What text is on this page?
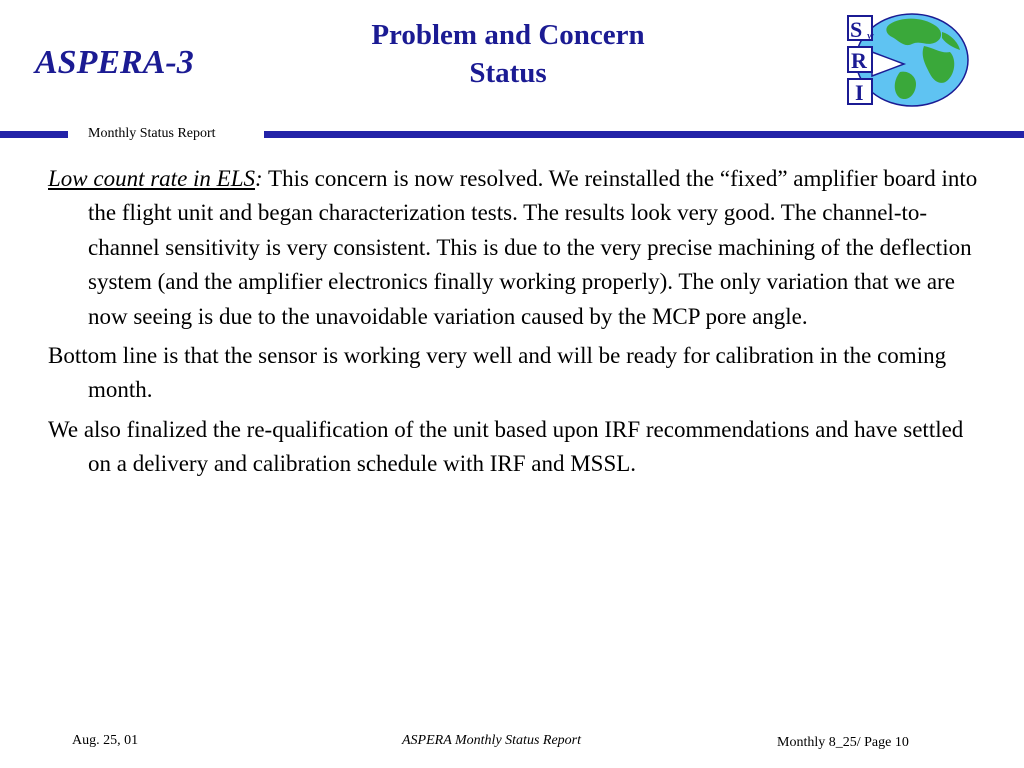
ASPERA-3
Problem and Concern
Status
S W
R
I
Monthly Status Report

Low count rate in ELS: This concern is now resolved. We reinstalled the “fixed” amplifier board into the flight unit and began characterization tests. The results look very good. The channel-to-channel sensitivity is very consistent. This is due to the very precise machining of the deflection system (and the amplifier electronics finally working properly). The only variation that we are now seeing is due to the unavoidable variation caused by the MCP pore angle.

Bottom line is that the sensor is working very well and will be ready for calibration in the coming month.

We also finalized the re-qualification of the unit based upon IRF recommendations and have settled on a delivery and calibration schedule with IRF and MSSL.

Aug. 25, 01	ASPERA Monthly Status Report	Monthly 8_25/ Page 10
